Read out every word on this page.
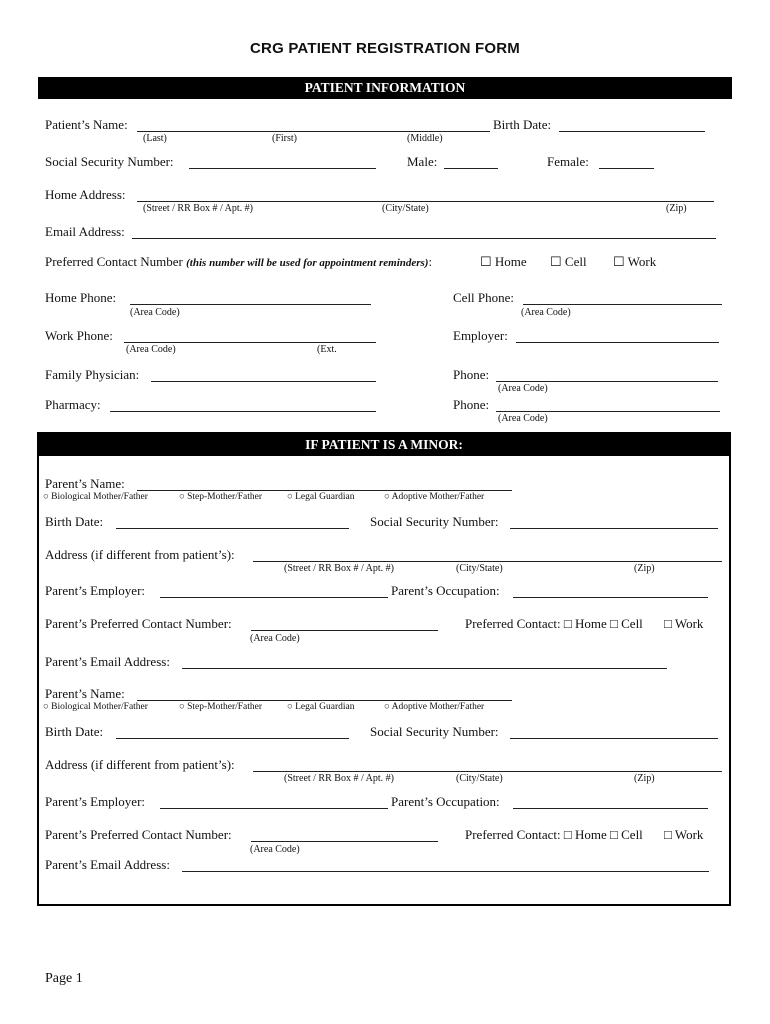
CRG PATIENT REGISTRATION FORM
PATIENT INFORMATION
Patient’s Name:	Birth Date:
(Last)	(First)	(Middle)
Social Security Number:	Male:	Female:
Home Address:
(Street / RR Box # / Apt. #)	(City/State)	(Zip)
Email Address:
Preferred Contact Number (this number will be used for appointment reminders):	☐ Home ☐ Cell ☐ Work
Home Phone:
(Area Code)
Cell Phone:
(Area Code)
Work Phone:
(Area Code)	(Ext.
Employer:
Family Physician:	Phone:
(Area Code)
Pharmacy:	Phone:
(Area Code)
IF PATIENT IS A MINOR:
Parent’s Name:
○ Biological Mother/Father	○ Step-Mother/Father	○ Legal Guardian	○ Adoptive Mother/Father
Birth Date:	Social Security Number:
Address (if different from patient’s):
(Street / RR Box # / Apt. #)	(City/State)	(Zip)
Parent’s Employer:	Parent’s Occupation:
Parent’s Preferred Contact Number:
(Area Code)
Preferred Contact: □ Home □ Cell □ Work
Parent’s Email Address:
Parent’s Name:
○ Biological Mother/Father	○ Step-Mother/Father	○ Legal Guardian	○ Adoptive Mother/Father
Birth Date:	Social Security Number:
Address (if different from patient’s):
(Street / RR Box # / Apt. #)	(City/State)	(Zip)
Parent’s Employer:	Parent’s Occupation:
Parent’s Preferred Contact Number:
(Area Code)
Preferred Contact: □ Home □ Cell □ Work
Parent’s Email Address:
Page 1
